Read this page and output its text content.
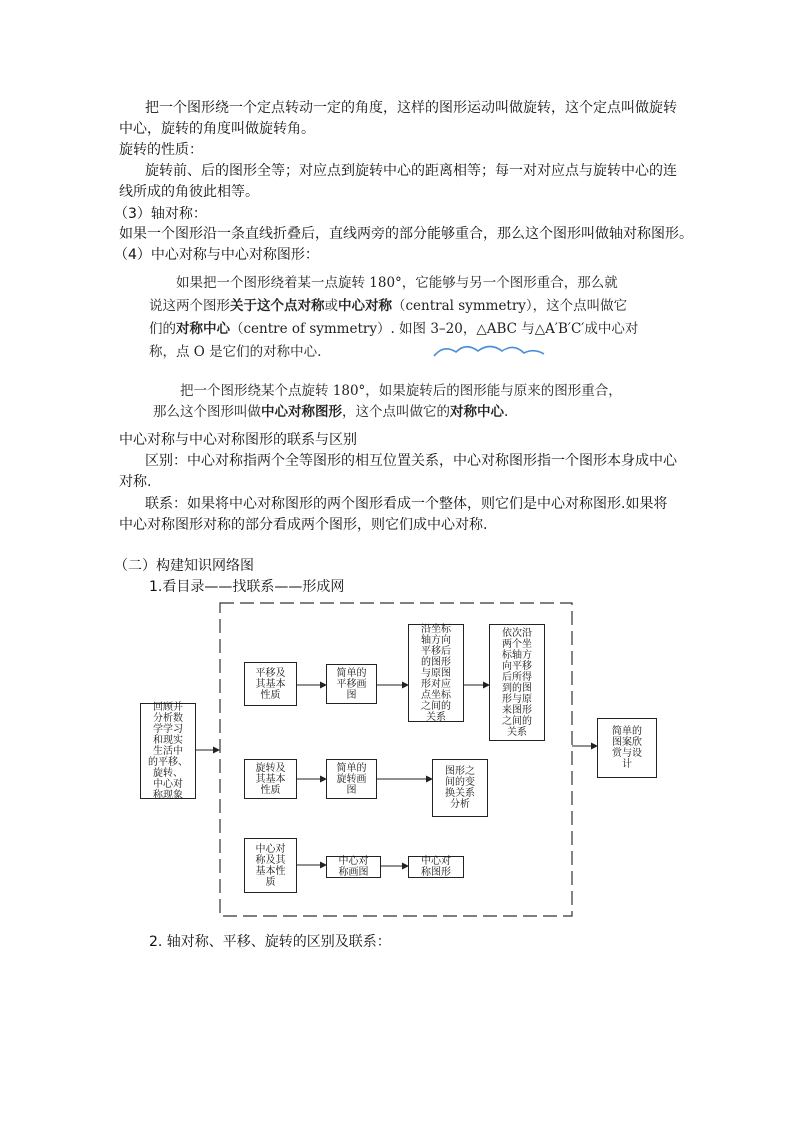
把一个图形绕一个定点转动一定的角度，这样的图形运动叫做旋转，这个定点叫做旋转
中心，旋转的角度叫做旋转角。
旋转的性质：
旋转前、后的图形全等；对应点到旋转中心的距离相等；每一对对应点与旋转中心的连
线所成的角彼此相等。
（3）轴对称：
如果一个图形沿一条直线折叠后，直线两旁的部分能够重合，那么这个图形叫做轴对称图形。
（4）中心对称与中心对称图形：
如果把一个图形绕着某一点旋转 180°，它能够与另一个图形重合，那么就
说这两个图形关于这个点对称或中心对称（central symmetry），这个点叫做它
们的对称中心（centre of symmetry）. 如图 3–20，△ABC 与△A′B′C′成中心对
称，点 O 是它们的对称中心.
把一个图形绕某个点旋转 180°，如果旋转后的图形能与原来的图形重合，
那么这个图形叫做中心对称图形，这个点叫做它的对称中心.
中心对称与中心对称图形的联系与区别
区别：中心对称指两个全等图形的相互位置关系，中心对称图形指一个图形本身成中心
对称.
联系：如果将中心对称图形的两个图形看成一个整体，则它们是中心对称图形.如果将
中心对称图形对称的部分看成两个图形，则它们成中心对称.
（二）构建知识网络图
1.看目录——找联系——形成网
回顾并
分析数
学学习
和现实
生活中
的平移、
旋转、
中心对
称现象
平移及
其基本
性质
简单的
平移画
图
沿坐标
轴方向
平移后
的图形
与原图
形对应
点坐标
之间的
关系
依次沿
两个坐
标轴方
向平移
后所得
到的图
形与原
来图形
之间的
关系
旋转及
其基本
性质
简单的
旋转画
图
图形之
间的变
换关系
分析
中心对
称及其
基本性
质
中心对
称画图
中心对
称图形
简单的
图案欣
赏与设
计
2. 轴对称、平移、旋转的区别及联系：
